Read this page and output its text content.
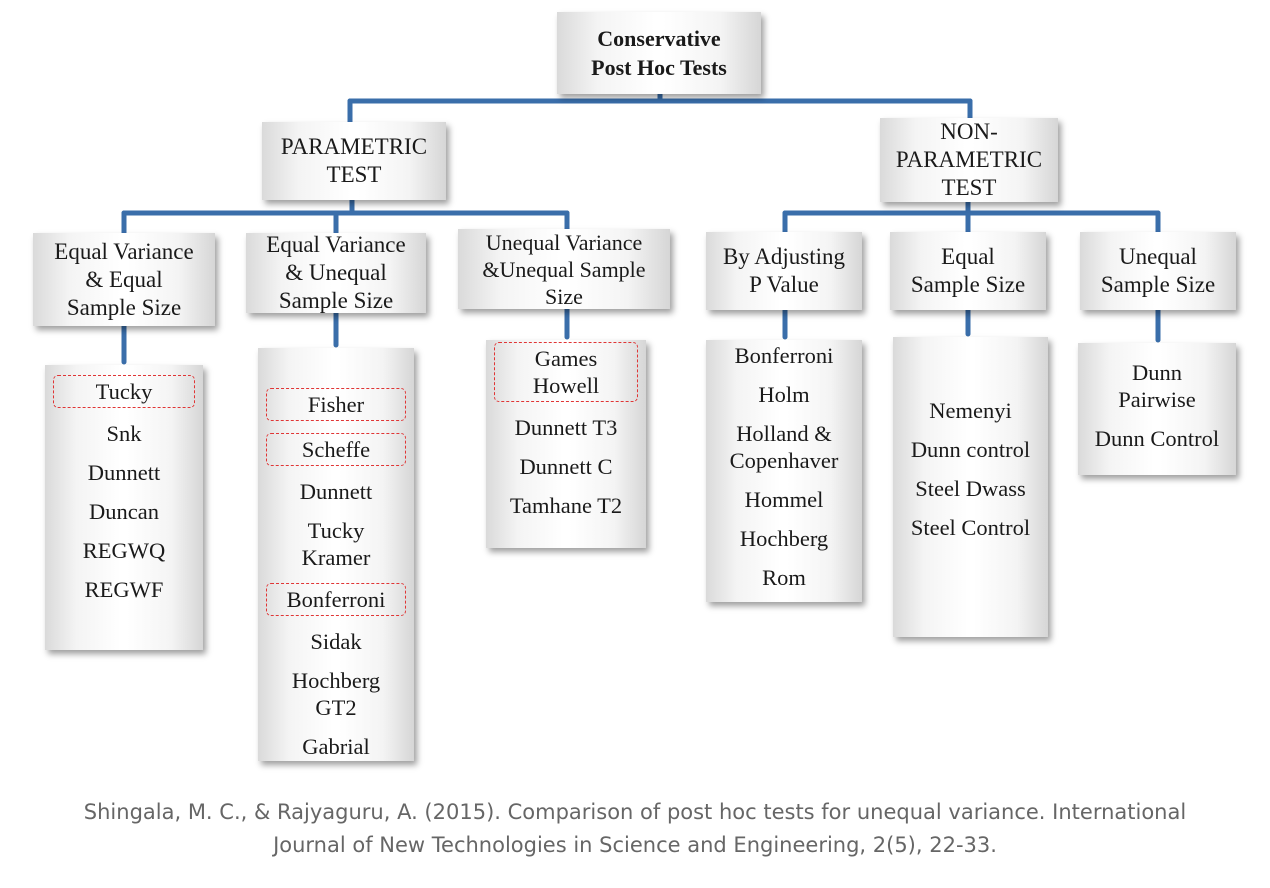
Conservative
Post Hoc Tests
PARAMETRIC
TEST
NON-
PARAMETRIC
TEST
Equal Variance
& Equal
Sample Size
Equal Variance
& Unequal
Sample Size
Unequal Variance
&Unequal Sample
Size
By Adjusting
P Value
Equal
Sample Size
Unequal
Sample Size
Tucky
Snk
Dunnett
Duncan
REGWQ
REGWF
Fisher
Scheffe
Dunnett
Tucky
Kramer
Bonferroni
Sidak
Hochberg
GT2
Gabrial
Games
Howell
Dunnett T3
Dunnett C
Tamhane T2
Bonferroni
Holm
Holland &
Copenhaver
Hommel
Hochberg
Rom
Nemenyi
Dunn control
Steel Dwass
Steel Control
Dunn
Pairwise
Dunn Control
Shingala, M. C., & Rajyaguru, A. (2015). Comparison of post hoc tests for unequal variance. International
Journal of New Technologies in Science and Engineering, 2(5), 22-33.
